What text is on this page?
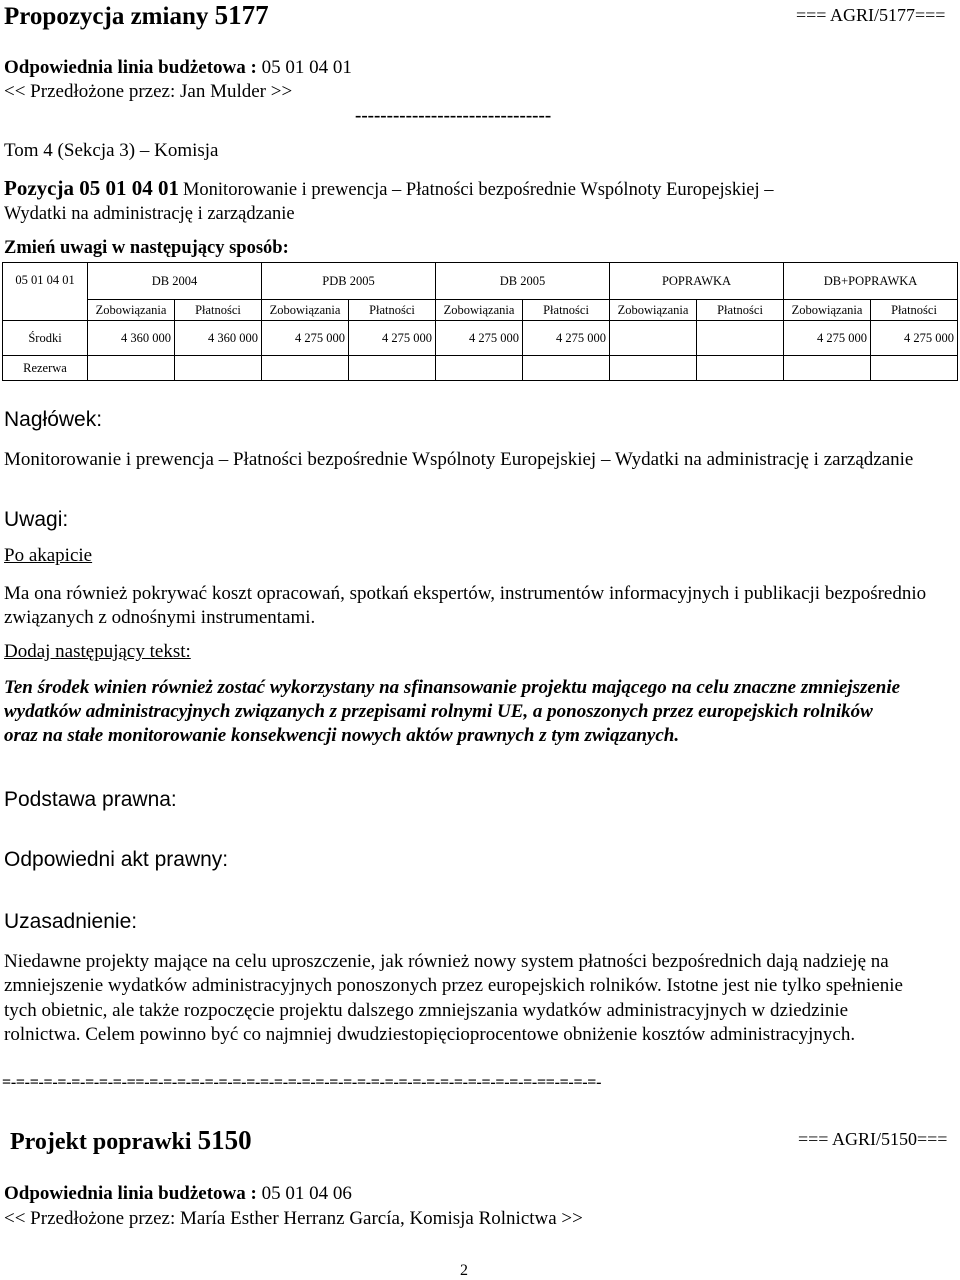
Propozycja zmiany 5177	=== AGRI/5177===
Odpowiednia linia budżetowa : 05 01 04 01
<< Przedłożone przez: Jan Mulder >>
-------------------------------
Tom 4 (Sekcja 3) – Komisja
Pozycja 05 01 04 01 Monitorowanie i prewencja – Płatności bezpośrednie Wspólnoty Europejskiej –
Wydatki na administrację i zarządzanie
Zmień uwagi w następujący sposób:
05 01 04 01	DB 2004		PDB 2005		DB 2005		POPRAWKA		DB+POPRAWKA	
	Zobowiązania	Płatności	Zobowiązania	Płatności	Zobowiązania	Płatności	Zobowiązania	Płatności	Zobowiązania	Płatności
Środki	4 360 000	4 360 000	4 275 000	4 275 000	4 275 000	4 275 000			4 275 000	4 275 000
Rezerwa										
Nagłówek:
Monitorowanie i prewencja – Płatności bezpośrednie Wspólnoty Europejskiej – Wydatki na administrację i zarządzanie
Uwagi:
Po akapicie
Ma ona również pokrywać koszt opracowań, spotkań ekspertów, instrumentów informacyjnych i publikacji bezpośrednio związanych z odnośnymi instrumentami.
Dodaj następujący tekst:
Ten środek winien również zostać wykorzystany na sfinansowanie projektu mającego na celu znaczne zmniejszenie wydatków administracyjnych związanych z przepisami rolnymi UE, a ponoszonych przez europejskich rolników oraz na stałe monitorowanie konsekwencji nowych aktów prawnych z tym związanych.
Podstawa prawna:
Odpowiedni akt prawny:
Uzasadnienie:
Niedawne projekty mające na celu uproszczenie, jak również nowy system płatności bezpośrednich dają nadzieję na zmniejszenie wydatków administracyjnych ponoszonych przez europejskich rolników. Istotne jest nie tylko spełnienie tych obietnic, ale także rozpoczęcie projektu dalszego zmniejszania wydatków administracyjnych w dziedzinie rolnictwa. Celem powinno być co najmniej dwudziestopięcioprocentowe obniżenie kosztów administracyjnych.
=-=-=-=-=-=-=-=-=-==-=-=-=-=-=-=-=-=-=-=-=-=-=-=-=-=-=-=-=-=-=-=-=-=-=-=-=-=-==-=-=-=-
Projekt poprawki 5150	=== AGRI/5150===
Odpowiednia linia budżetowa : 05 01 04 06
<< Przedłożone przez: María Esther Herranz García, Komisja Rolnictwa >>
2
